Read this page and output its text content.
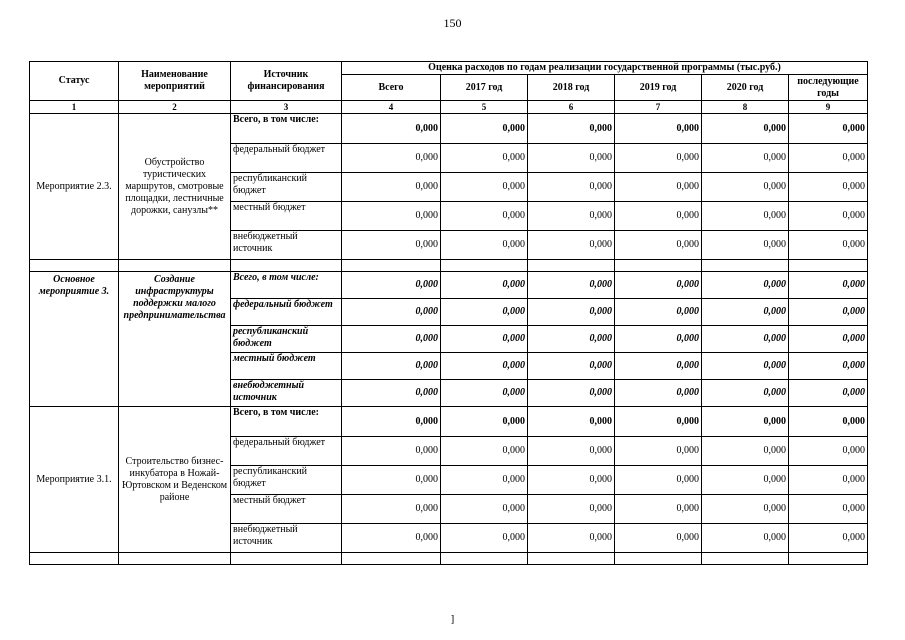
150
Статус	Наименование мероприятий	Источник финансирования	Оценка расходов по годам реализации государственной программы (тыс.руб.)					
			Всего	2017 год	2018 год	2019 год	2020 год	последующие годы
1	2	3	4	5	6	7	8	9
Мероприятие 2.3.	Обустройство туристических маршрутов, смотровые площадки, лестничные дорожки, санузлы**	Всего, в том числе:	0,000	0,000	0,000	0,000	0,000	0,000
		федеральный бюджет	0,000	0,000	0,000	0,000	0,000	0,000
		республиканский бюджет	0,000	0,000	0,000	0,000	0,000	0,000
		местный бюджет	0,000	0,000	0,000	0,000	0,000	0,000
		внебюджетный источник	0,000	0,000	0,000	0,000	0,000	0,000

Основное мероприятие 3.	Создание инфраструктуры поддержки малого предпринимательства	Всего, в том числе:	0,000	0,000	0,000	0,000	0,000	0,000
		федеральный бюджет	0,000	0,000	0,000	0,000	0,000	0,000
		республиканский бюджет	0,000	0,000	0,000	0,000	0,000	0,000
		местный бюджет	0,000	0,000	0,000	0,000	0,000	0,000
		внебюджетный источник	0,000	0,000	0,000	0,000	0,000	0,000
Мероприятие 3.1.	Строительство бизнес-инкубатора в Ножай-Юртовском и Веденском районе	Всего, в том числе:	0,000	0,000	0,000	0,000	0,000	0,000
		федеральный бюджет	0,000	0,000	0,000	0,000	0,000	0,000
		республиканский бюджет	0,000	0,000	0,000	0,000	0,000	0,000
		местный бюджет	0,000	0,000	0,000	0,000	0,000	0,000
		внебюджетный источник	0,000	0,000	0,000	0,000	0,000	0,000

]
